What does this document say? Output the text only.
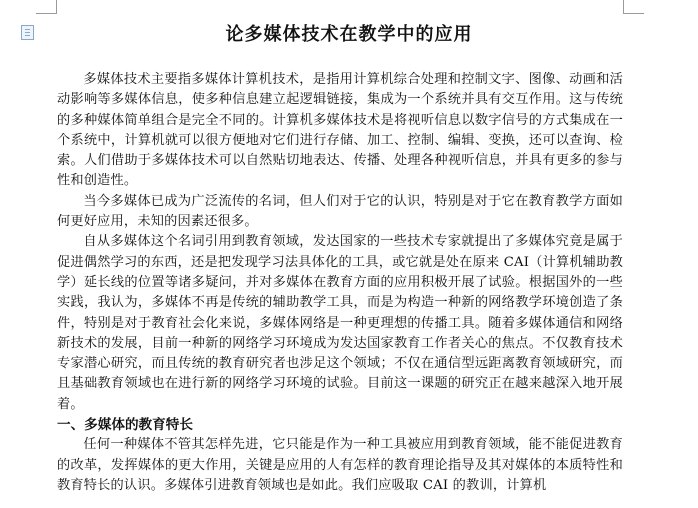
论多媒体技术在教学中的应用

多媒体技术主要指多媒体计算机技术，是指用计算机综合处理和控制文字、图像、动画和活动影响等多媒体信息，使多种信息建立起逻辑链接，集成为一个系统并具有交互作用。这与传统的多种媒体简单组合是完全不同的。计算机多媒体技术是将视听信息以数字信号的方式集成在一个系统中，计算机就可以很方便地对它们进行存储、加工、控制、编辑、变换，还可以查询、检索。人们借助于多媒体技术可以自然贴切地表达、传播、处理各种视听信息，并具有更多的参与性和创造性。

当今多媒体已成为广泛流传的名词，但人们对于它的认识，特别是对于它在教育教学方面如何更好应用，未知的因素还很多。

自从多媒体这个名词引用到教育领域，发达国家的一些技术专家就提出了多媒体究竟是属于促进偶然学习的东西，还是把发现学习法具体化的工具，或它就是处在原来 CAI（计算机辅助教学）延长线的位置等诸多疑问，并对多媒体在教育方面的应用积极开展了试验。根据国外的一些实践，我认为，多媒体不再是传统的辅助教学工具，而是为构造一种新的网络教学环境创造了条件，特别是对于教育社会化来说，多媒体网络是一种更理想的传播工具。随着多媒体通信和网络新技术的发展，目前一种新的网络学习环境成为发达国家教育工作者关心的焦点。不仅教育技术专家潜心研究，而且传统的教育研究者也涉足这个领域；不仅在通信型远距离教育领域研究，而且基础教育领域也在进行新的网络学习环境的试验。目前这一课题的研究正在越来越深入地开展着。

一、多媒体的教育特长

任何一种媒体不管其怎样先进，它只能是作为一种工具被应用到教育领域，能不能促进教育的改革，发挥媒体的更大作用，关键是应用的人有怎样的教育理论指导及其对媒体的本质特性和教育特长的认识。多媒体引进教育领域也是如此。我们应吸取 CAI 的教训，计算机
